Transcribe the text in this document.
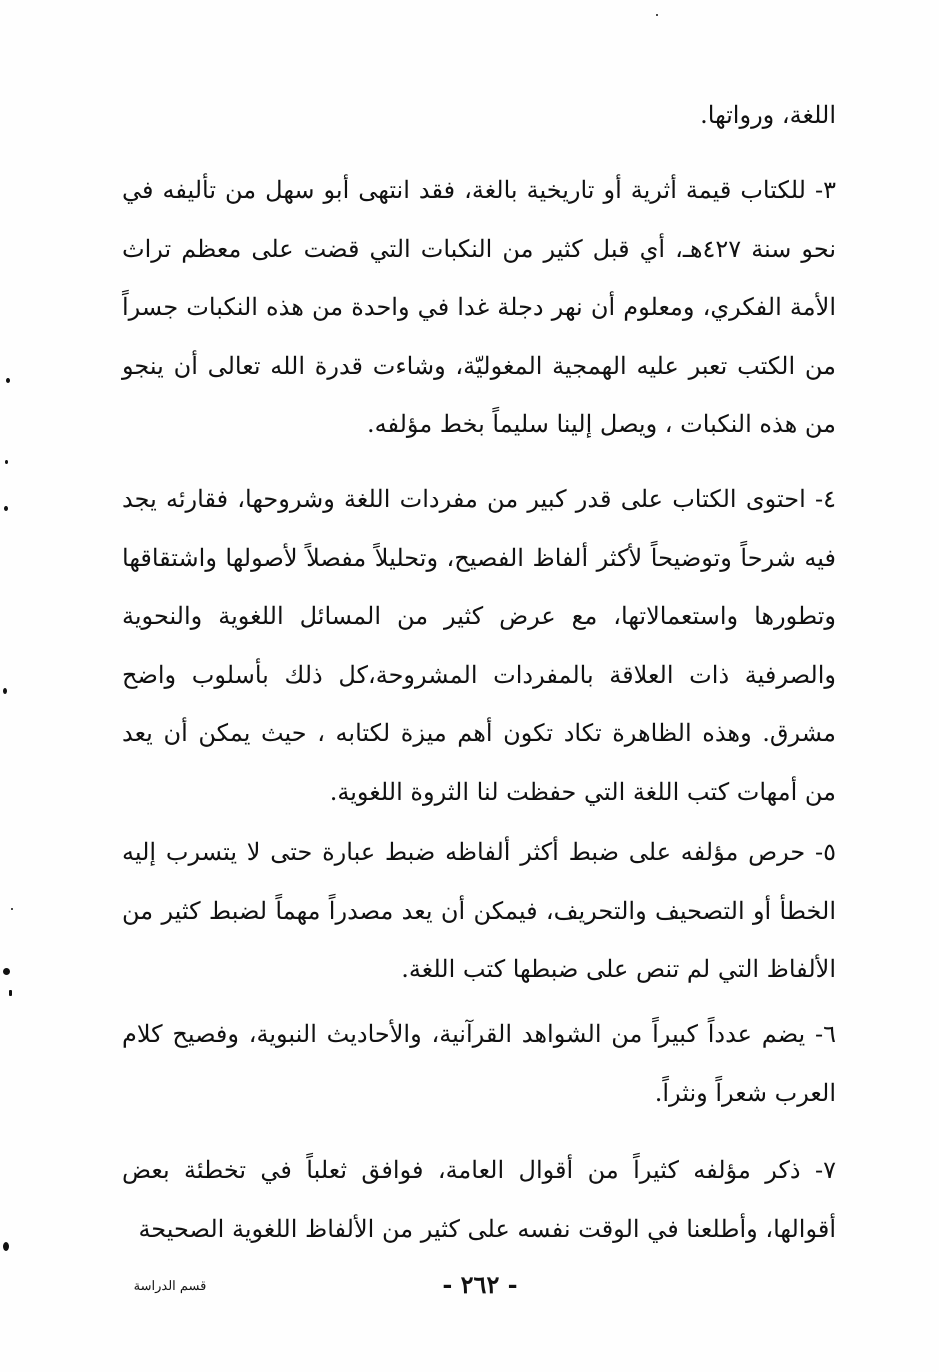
اللغة، ورواتها.
٣- للكتاب قيمة أثرية أو تاريخية بالغة، فقد انتهى أبو سهل من تأليفه في نحو سنة ٤٢٧هـ، أي قبل كثير من النكبات التي قضت على معظم تراث الأمة الفكري، ومعلوم أن نهر دجلة غدا في واحدة من هذه النكبات جسراً من الكتب تعبر عليه الهمجية المغوليّة، وشاءت قدرة الله تعالى أن ينجو من هذه النكبات ، ويصل إلينا سليماً بخط مؤلفه.
٤- احتوى الكتاب على قدر كبير من مفردات اللغة وشروحها، فقارئه يجد فيه شرحاً وتوضيحاً لأكثر ألفاظ الفصيح، وتحليلاً مفصلاً لأصولها واشتقاقها وتطورها واستعمالاتها، مع عرض كثير من المسائل اللغوية والنحوية والصرفية ذات العلاقة بالمفردات المشروحة،كل ذلك بأسلوب واضح مشرق. وهذه الظاهرة تكاد تكون أهم ميزة لكتابه ، حيث يمكن أن يعد من أمهات كتب اللغة التي حفظت لنا الثروة اللغوية.
٥- حرص مؤلفه على ضبط أكثر ألفاظه ضبط عبارة حتى لا يتسرب إليه الخطأ أو التصحيف والتحريف، فيمكن أن يعد مصدراً مهماً لضبط كثير من الألفاظ التي لم تنص على ضبطها كتب اللغة.
٦- يضم عدداً كبيراً من الشواهد القرآنية، والأحاديث النبوية، وفصيح كلام العرب شعراً ونثراً.
٧- ذكر مؤلفه كثيراً من أقوال العامة، فوافق ثعلباً في تخطئة بعض أقوالها، وأطلعنا في الوقت نفسه على كثير من الألفاظ اللغوية الصحيحة
- ٢٦٢ -
قسم الدراسة
